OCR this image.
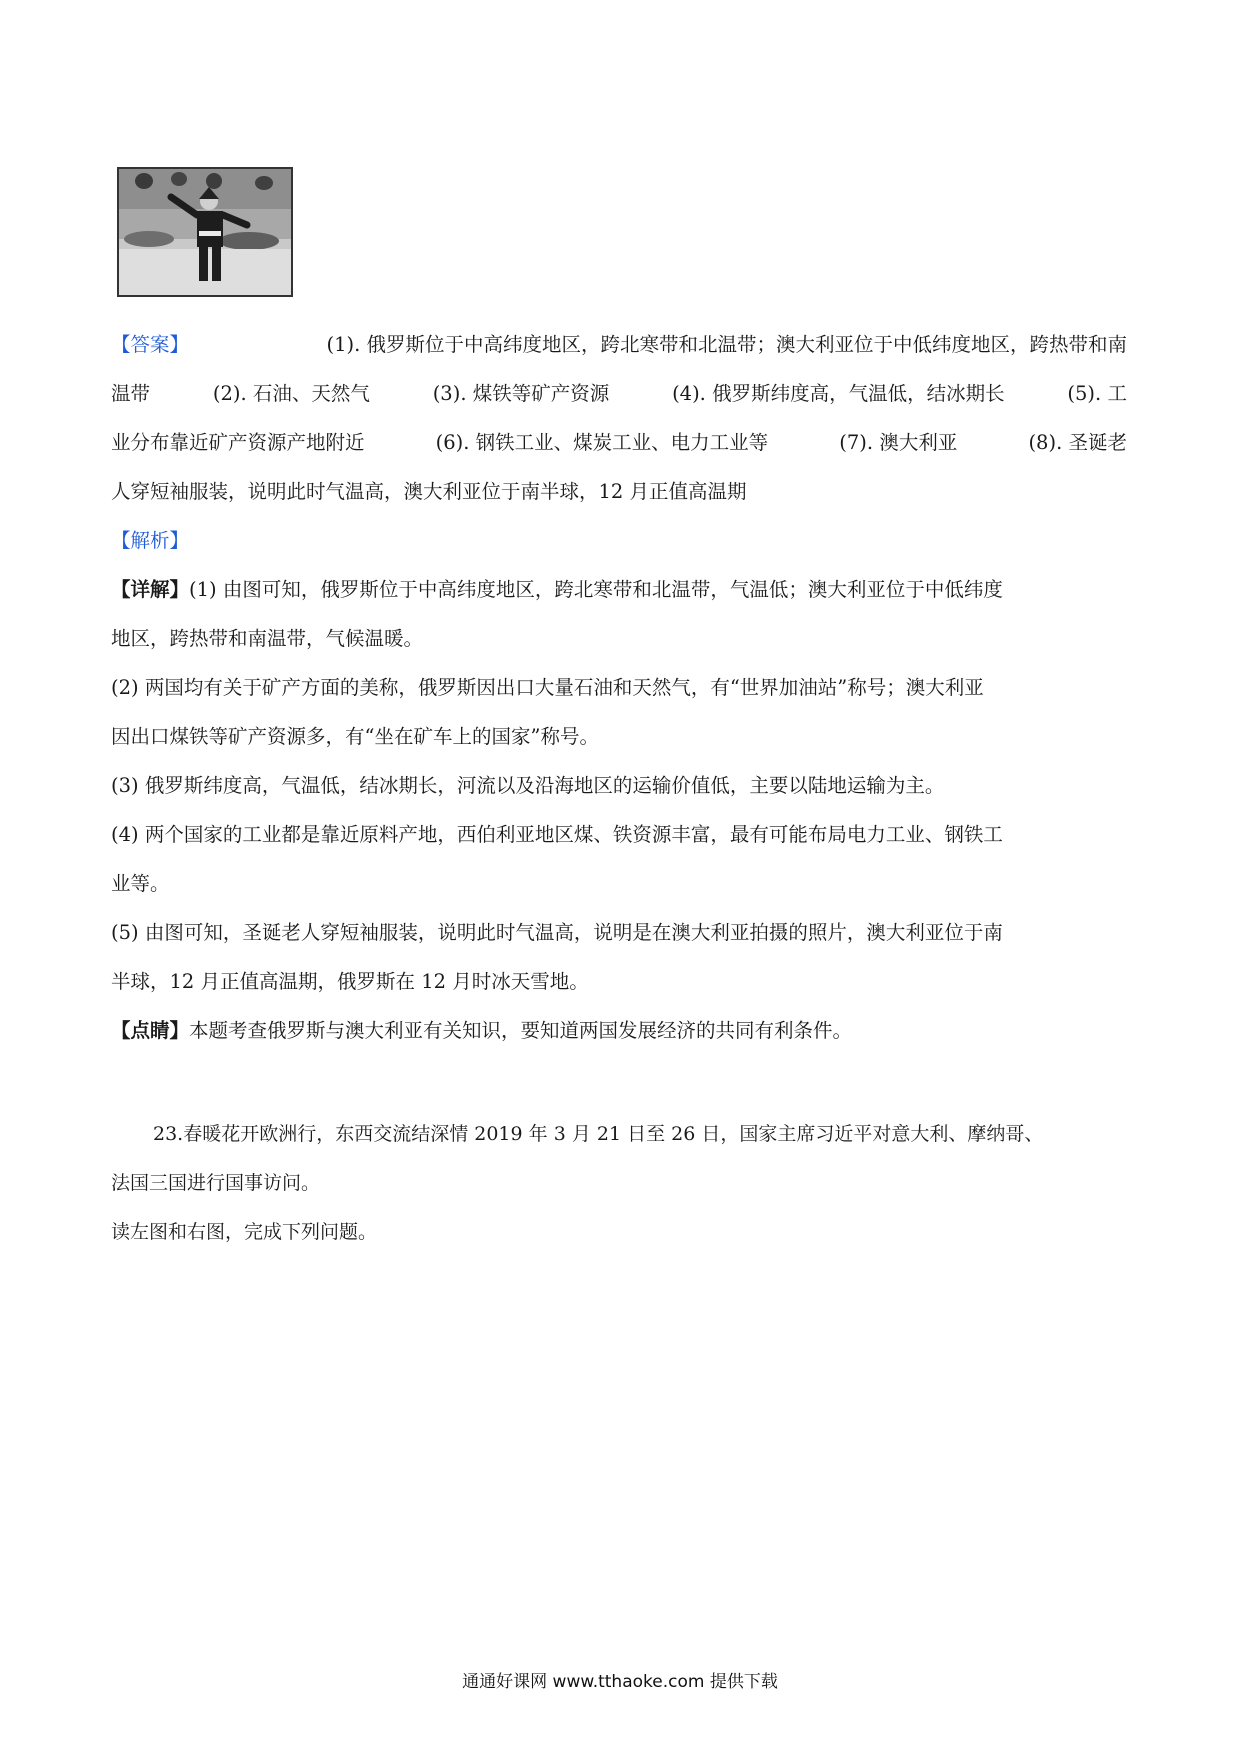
【答案】	(1). 俄罗斯位于中高纬度地区，跨北寒带和北温带；澳大利亚位于中低纬度地区，跨热带和南
温带	(2). 石油、天然气	(3). 煤铁等矿产资源	(4). 俄罗斯纬度高，气温低，结冰期长	(5). 工
业分布靠近矿产资源产地附近	(6). 钢铁工业、煤炭工业、电力工业等	(7). 澳大利亚	(8). 圣诞老

人穿短袖服装，说明此时气温高，澳大利亚位于南半球，12 月正值高温期

【解析】

【详解】(1) 由图可知，俄罗斯位于中高纬度地区，跨北寒带和北温带，气温低；澳大利亚位于中低纬度

地区，跨热带和南温带，气候温暖。

(2) 两国均有关于矿产方面的美称，俄罗斯因出口大量石油和天然气，有“世界加油站”称号；澳大利亚

因出口煤铁等矿产资源多，有“坐在矿车上的国家”称号。

(3) 俄罗斯纬度高，气温低，结冰期长，河流以及沿海地区的运输价值低，主要以陆地运输为主。

(4) 两个国家的工业都是靠近原料产地，西伯利亚地区煤、铁资源丰富，最有可能布局电力工业、钢铁工

业等。

(5) 由图可知，圣诞老人穿短袖服装，说明此时气温高，说明是在澳大利亚拍摄的照片，澳大利亚位于南

半球，12 月正值高温期，俄罗斯在 12 月时冰天雪地。

【点睛】本题考查俄罗斯与澳大利亚有关知识，要知道两国发展经济的共同有利条件。

23.春暖花开欧洲行，东西交流结深情 2019 年 3 月 21 日至 26 日，国家主席习近平对意大利、摩纳哥、

法国三国进行国事访问。

读左图和右图，完成下列问题。

通通好课网 www.tthaoke.com 提供下载
